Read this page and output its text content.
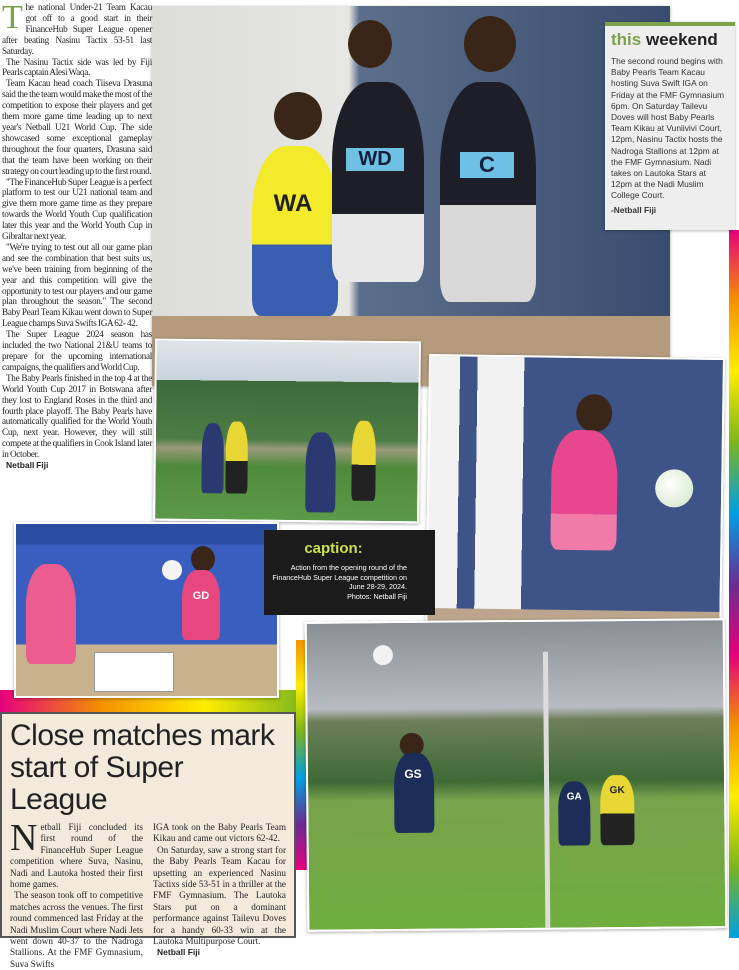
T he national Under-21 Team Kacau got off to a good start in their FinanceHub Super League opener after beating Nasinu Tactix 53-51 last Saturday.

The Nasinu Tactix side was led by Fiji Pearls captain Alesi Waqa.

Team Kacau head coach Tiiseva Drasuna said the the team would make the most of the competition to expose their players and get them more game time leading up to next year's Netball U21 World Cup. The side showcased some exceptional gameplay throughout the four quarters, Drasuna said that the team have been working on their strategy on court leading up to the first round.

"The FinanceHub Super League is a perfect platform to test our U21 national team and give them more game time as they prepare towards the World Youth Cup qualification later this year and the World Youth Cup in Gibraltar next year.

"We're trying to test out all our game plan and see the combination that best suits us, we've been training from beginning of the year and this competition will give the opportunity to test our players and our game plan throughout the season." The second Baby Pearl Team Kikau went down to Super League champs Suva Swifts IGA 62- 42.

The Super League 2024 season has included the two National 21&U teams to prepare for the upcoming international campaigns, the qualifiers and World Cup.

The Baby Pearls finished in the top 4 at the World Youth Cup 2017 in Botswana after they lost to England Roses in the third and fourth place playoff. The Baby Pearls have automatically qualified for the World Youth Cup, next year. However, they will still compete at the qualifiers in Cook Island later in October.

Netball Fiji
WA
WD	C
this weekend

The second round begins with Baby Pearls Team Kacau hosting Suva Swift IGA on Friday at the FMF Gymnasium 6pm. On Saturday Tailevu Doves will host Baby Pearls Team Kikau at Vuniivivi Court, 12pm, Nasinu Tactix hosts the Nadroga Stallions at 12pm at the FMF Gymnasium. Nadi takes on Lautoka Stars at 12pm at the Nadi Muslim College Court.

-Netball Fiji

GD
caption:

Action from the opening round of the FinanceHub Super League competition on June 28-29, 2024.

Photos: Netball Fiji

GS
GA
GK
Close matches mark start of Super League
N etball Fiji concluded its first round of the FinanceHub Super League competition where Suva, Nasinu, Nadi and Lautoka hosted their first home games.

The season took off to competitive matches across the venues. The first round commenced last Friday at the Nadi Muslim Court where Nadi Jets went down 40-37 to the Nadroga Stallions. At the FMF Gymnasium, Suva Swifts

IGA took on the Baby Pearls Team Kikau and came out victors 62-42.

On Saturday, saw a strong start for the Baby Pearls Team Kacau for upsetting an experienced Nasinu Tactixs side 53-51 in a thriller at the FMF Gymnasium. The Lautoka Stars put on a dominant performance against Tailevu Doves for a handy 60-33 win at the Lautoka Multipurpose Court.

Netball Fiji
